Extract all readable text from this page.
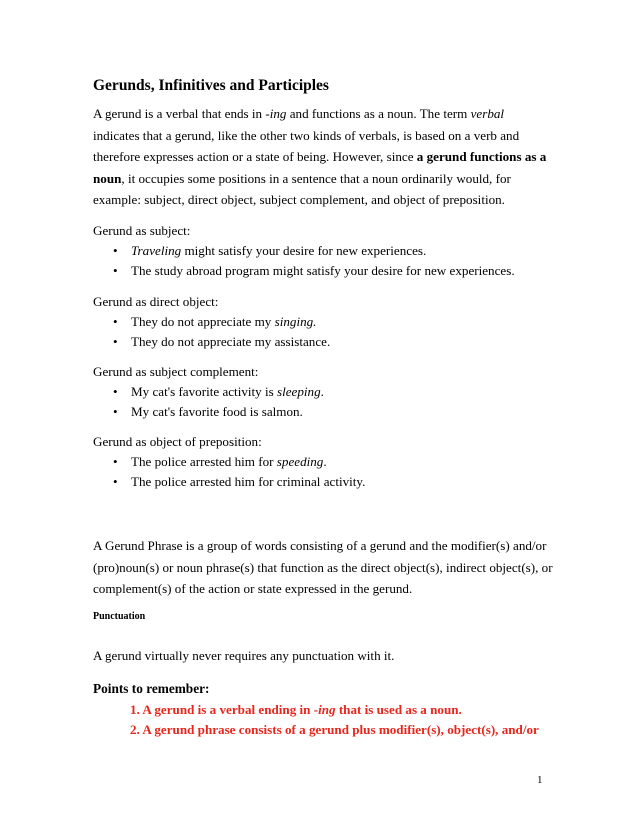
Gerunds, Infinitives and Participles

A gerund is a verbal that ends in -ing and functions as a noun. The term verbal indicates that a gerund, like the other two kinds of verbals, is based on a verb and therefore expresses action or a state of being. However, since a gerund functions as a noun, it occupies some positions in a sentence that a noun ordinarily would, for example: subject, direct object, subject complement, and object of preposition.

Gerund as subject:
• Traveling might satisfy your desire for new experiences.
• The study abroad program might satisfy your desire for new experiences.
Gerund as direct object:
• They do not appreciate my singing.
• They do not appreciate my assistance.
Gerund as subject complement:
• My cat's favorite activity is sleeping.
• My cat's favorite food is salmon.
Gerund as object of preposition:
• The police arrested him for speeding.
• The police arrested him for criminal activity.

A Gerund Phrase is a group of words consisting of a gerund and the modifier(s) and/or (pro)noun(s) or noun phrase(s) that function as the direct object(s), indirect object(s), or complement(s) of the action or state expressed in the gerund.

Punctuation

A gerund virtually never requires any punctuation with it.

Points to remember:
1. A gerund is a verbal ending in -ing that is used as a noun.
2. A gerund phrase consists of a gerund plus modifier(s), object(s), and/or
1
